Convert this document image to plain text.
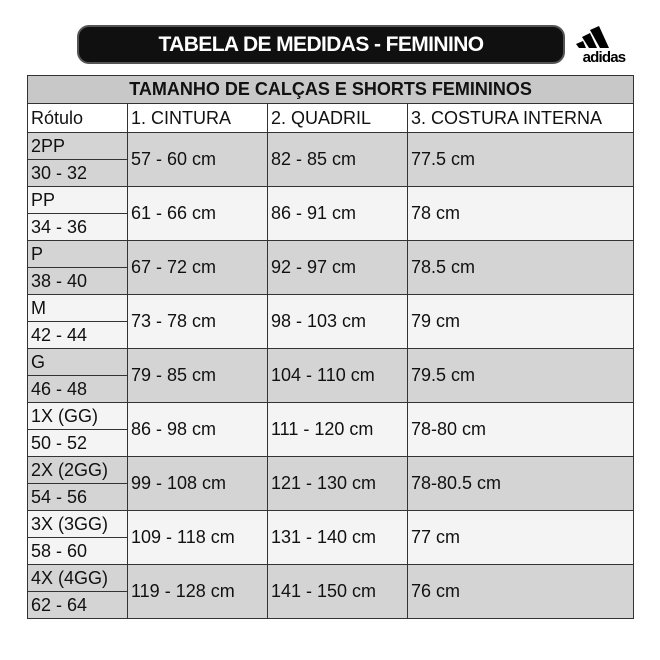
TABELA DE MEDIDAS - FEMININO
adidas
TAMANHO DE CALÇAS E SHORTS FEMININOS			
Rótulo	1. CINTURA	2. QUADRIL	3. COSTURA INTERNA
2PP	57 - 60 cm	82 - 85 cm	77.5 cm
30 - 32			
PP	61 - 66 cm	86 - 91 cm	78 cm
34 - 36			
P	67 - 72 cm	92 - 97 cm	78.5 cm
38 - 40			
M	73 - 78 cm	98 - 103 cm	79 cm
42 - 44			
G	79 - 85 cm	104 - 110 cm	79.5 cm
46 - 48			
1X (GG)	86 - 98 cm	111 - 120 cm	78-80 cm
50 - 52			
2X (2GG)	99 - 108 cm	121 - 130 cm	78-80.5 cm
54 - 56			
3X (3GG)	109 - 118 cm	131 - 140 cm	77 cm
58 - 60			
4X (4GG)	119 - 128 cm	141 - 150 cm	76 cm
62 - 64			
